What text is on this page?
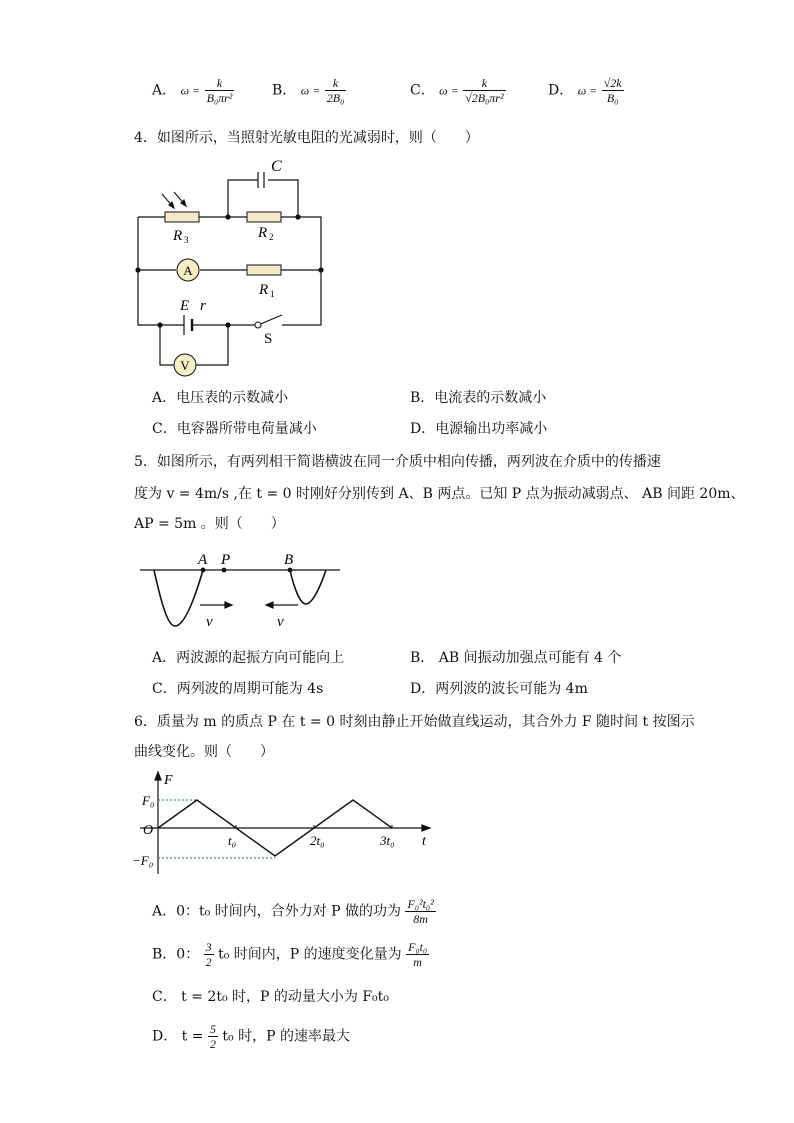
A． $\omega = \frac{k}{\text{B₀πr²}}$	B． $\omega = \frac{k}{\text{2B₀}}$	C． $\omega = \frac{k}{\text{√2B₀πr²}}$	D． $\omega = \frac{√2k}{\text{B₀}}$
4．如图所示，当照射光敏电阻的光减弱时，则（　　）
A
V
C
R 3	R 2
R 1
E r
S
A．电压表的示数减小	B．电流表的示数减小
C．电容器所带电荷量减小	D．电源输出功率减小
5．如图所示，有两列相干简谐横波在同一介质中相向传播，两列波在介质中的传播速
度为 v = 4m/s ,在 t = 0 时刚好分别传到 A、B 两点。已知 P 点为振动减弱点、 AB 间距 20m、
AP = 5m 。则（　　）
A P	B
v	v
A．两波源的起振方向可能向上	B． AB 间振动加强点可能有 4 个
C．两列波的周期可能为 4s	D．两列波的波长可能为 4m
6．质量为 m 的质点 P 在 t = 0 时刻由静止开始做直线运动，其合外力 F 随时间 t 按图示
曲线变化。则（　　）
F
F₀
O
−F₀
t₀	2t₀	3t₀ t
A．0：t₀ 时间内，合外力对 P 做的功为 $\frac{\text{F₀²t₀²}}{8m}$
B．0： $\frac{3}{2} t_0$ 时间内，P 的速度变化量为 $\frac{\text{F₀t₀}}{m}$
C． t = 2t₀ 时，P 的动量大小为 F₀t₀
D． $t = \frac{5}{2} t_0$ 时，P 的速率最大
